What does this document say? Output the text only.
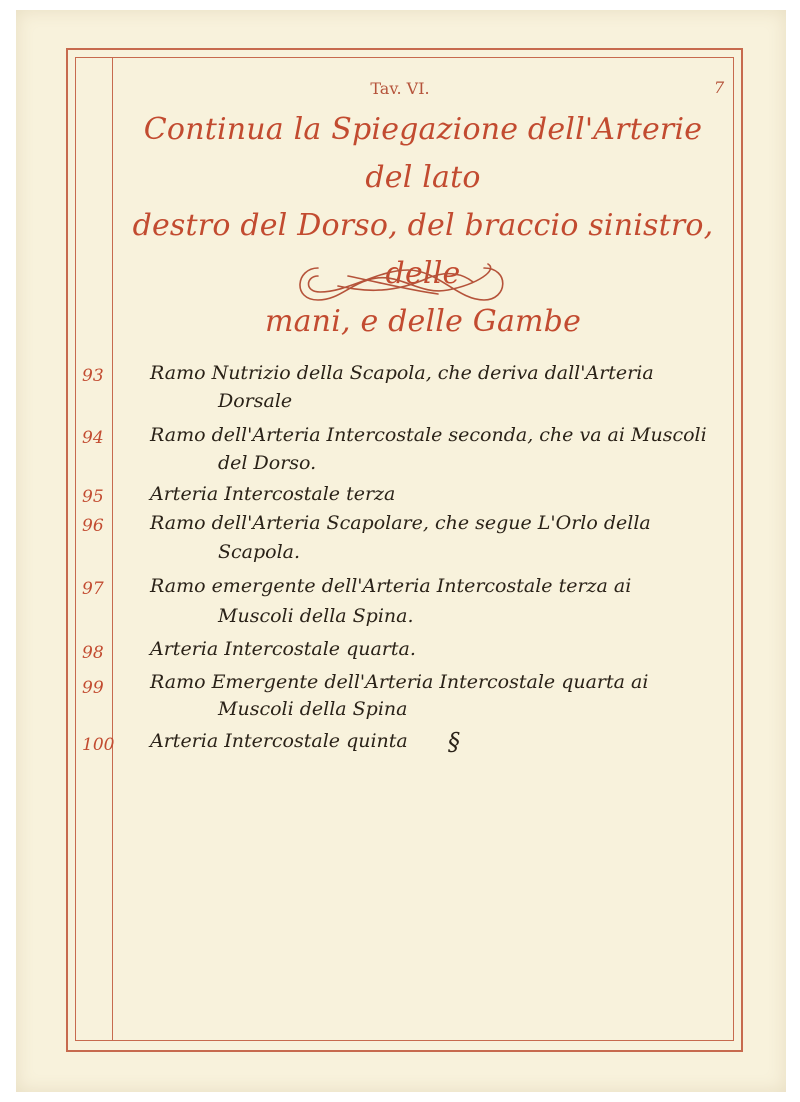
Tav. VI.	7
Continua la Spiegazione dell'Arterie del lato
destro del Dorso, del braccio sinistro, delle
mani, e delle Gambe
93	Ramo Nutrizio della Scapola, che deriva dall'Arteria
Dorsale
94	Ramo dell'Arteria Intercostale seconda, che va ai Muscoli
del Dorso.
95	Arteria Intercostale terza
96	Ramo dell'Arteria Scapolare, che segue L'Orlo della
Scapola.
97	Ramo emergente dell'Arteria Intercostale terza ai
Muscoli della Spina.
98	Arteria Intercostale quarta.
99	Ramo Emergente dell'Arteria Intercostale quarta ai
Muscoli della Spina
100 Arteria Intercostale quinta §
